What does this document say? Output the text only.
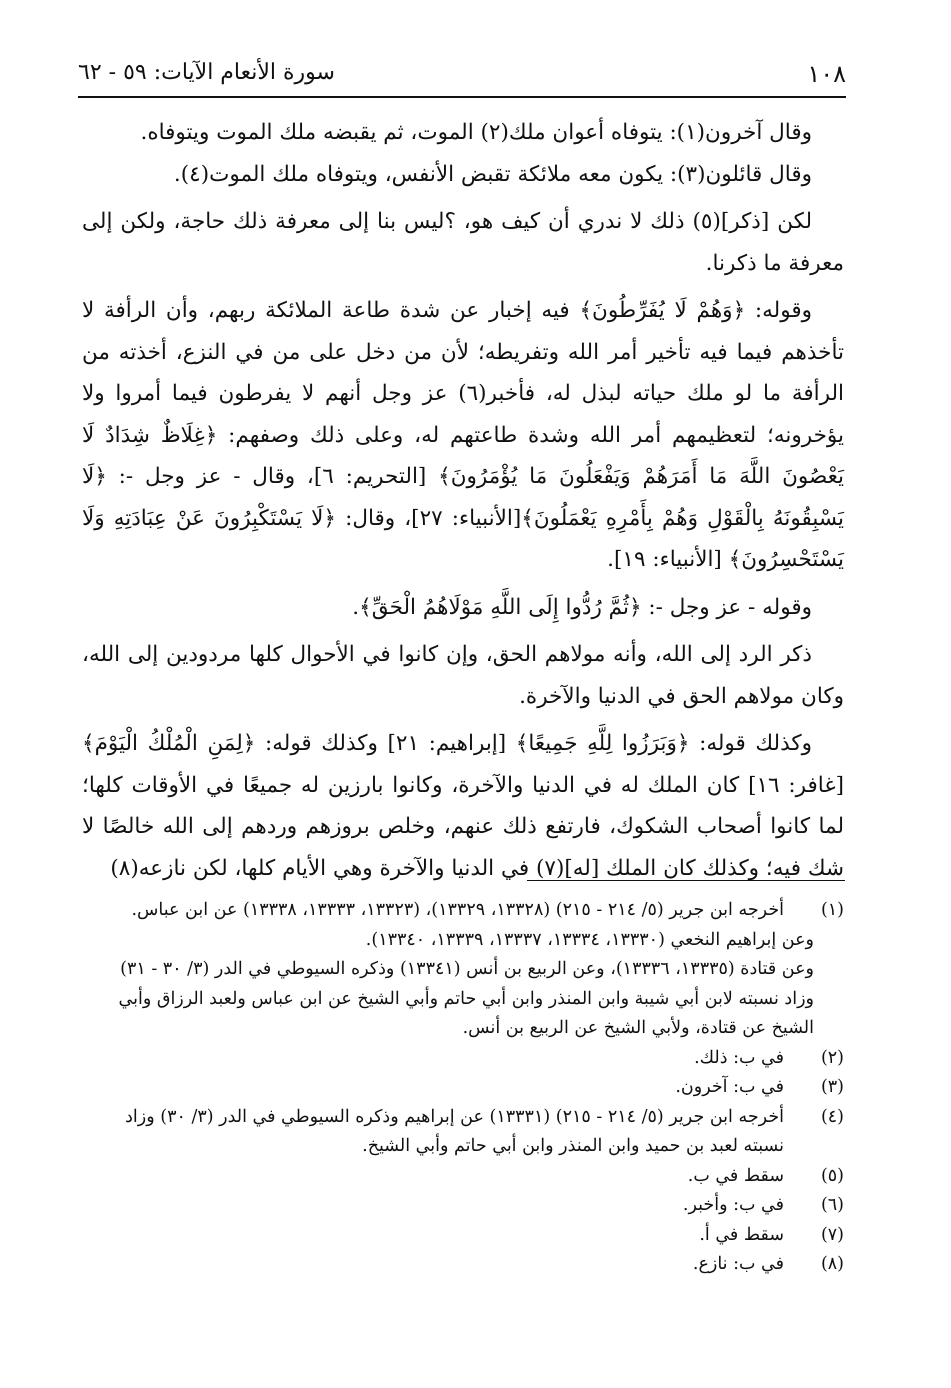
١٠٨
سورة الأنعام الآيات: ٥٩ - ٦٢

وقال آخرون(١): يتوفاه أعوان ملك(٢) الموت، ثم يقبضه ملك الموت ويتوفاه.

وقال قائلون(٣): يكون معه ملائكة تقبض الأنفس، ويتوفاه ملك الموت(٤).

لكن [ذكر](٥) ذلك لا ندري أن كيف هو، ؟ليس بنا إلى معرفة ذلك حاجة، ولكن إلى معرفة ما ذكرنا.

وقوله: ﴿وَهُمْ لَا يُفَرِّطُونَ﴾ فيه إخبار عن شدة طاعة الملائكة ربهم، وأن الرأفة لا تأخذهم فيما فيه تأخير أمر الله وتفريطه؛ لأن من دخل على من في النزع، أخذته من الرأفة ما لو ملك حياته لبذل له، فأخبر(٦) عز وجل أنهم لا يفرطون فيما أمروا ولا يؤخرونه؛ لتعظيمهم أمر الله وشدة طاعتهم له، وعلى ذلك وصفهم: ﴿غِلَاظٌ شِدَادٌ لَا يَعْصُونَ اللَّهَ مَا أَمَرَهُمْ وَيَفْعَلُونَ مَا يُؤْمَرُونَ﴾ [التحريم: ٦]، وقال - عز وجل -: ﴿لَا يَسْبِقُونَهُ بِالْقَوْلِ وَهُمْ بِأَمْرِهِ يَعْمَلُونَ﴾[الأنبياء: ٢٧]، وقال: ﴿لَا يَسْتَكْبِرُونَ عَنْ عِبَادَتِهِ وَلَا يَسْتَحْسِرُونَ﴾ [الأنبياء: ١٩].

وقوله - عز وجل -: ﴿ثُمَّ رُدُّوا إِلَى اللَّهِ مَوْلَاهُمُ الْحَقِّ﴾.

ذكر الرد إلى الله، وأنه مولاهم الحق، وإن كانوا في الأحوال كلها مردودين إلى الله، وكان مولاهم الحق في الدنيا والآخرة.

وكذلك قوله: ﴿وَبَرَزُوا لِلَّهِ جَمِيعًا﴾ [إبراهيم: ٢١] وكذلك قوله: ﴿لِمَنِ الْمُلْكُ الْيَوْمَ﴾ [غافر: ١٦] كان الملك له في الدنيا والآخرة، وكانوا بارزين له جميعًا في الأوقات كلها؛ لما كانوا أصحاب الشكوك، فارتفع ذلك عنهم، وخلص بروزهم وردهم إلى الله خالصًا لا شك فيه؛ وكذلك كان الملك [له](٧) في الدنيا والآخرة وهي الأيام كلها، لكن نازعه(٨)

(١)
أخرجه ابن جرير (٥/ ٢١٤ - ٢١٥) (١٣٣٢٨، ١٣٣٢٩)، (١٣٣٢٣، ١٣٣٣٣، ١٣٣٣٨) عن ابن عباس.
وعن إبراهيم النخعي (١٣٣٣٠، ١٣٣٣٤، ١٣٣٣٧، ١٣٣٣٩، ١٣٣٤٠).
وعن قتادة (١٣٣٣٥، ١٣٣٣٦)، وعن الربيع بن أنس (١٣٣٤١) وذكره السيوطي في الدر (٣/ ٣٠ - ٣١) وزاد نسبته لابن أبي شيبة وابن المنذر وابن أبي حاتم وأبي الشيخ عن ابن عباس ولعبد الرزاق وأبي الشيخ عن قتادة، ولأبي الشيخ عن الربيع بن أنس.
(٢)
في ب: ذلك.
(٣)
في ب: آخرون.
(٤)
أخرجه ابن جرير (٥/ ٢١٤ - ٢١٥) (١٣٣٣١) عن إبراهيم وذكره السيوطي في الدر (٣/ ٣٠) وزاد نسبته لعبد بن حميد وابن المنذر وابن أبي حاتم وأبي الشيخ.
(٥)
سقط في ب.
(٦)
في ب: وأخبر.
(٧)
سقط في أ.
(٨)
في ب: نازع.
